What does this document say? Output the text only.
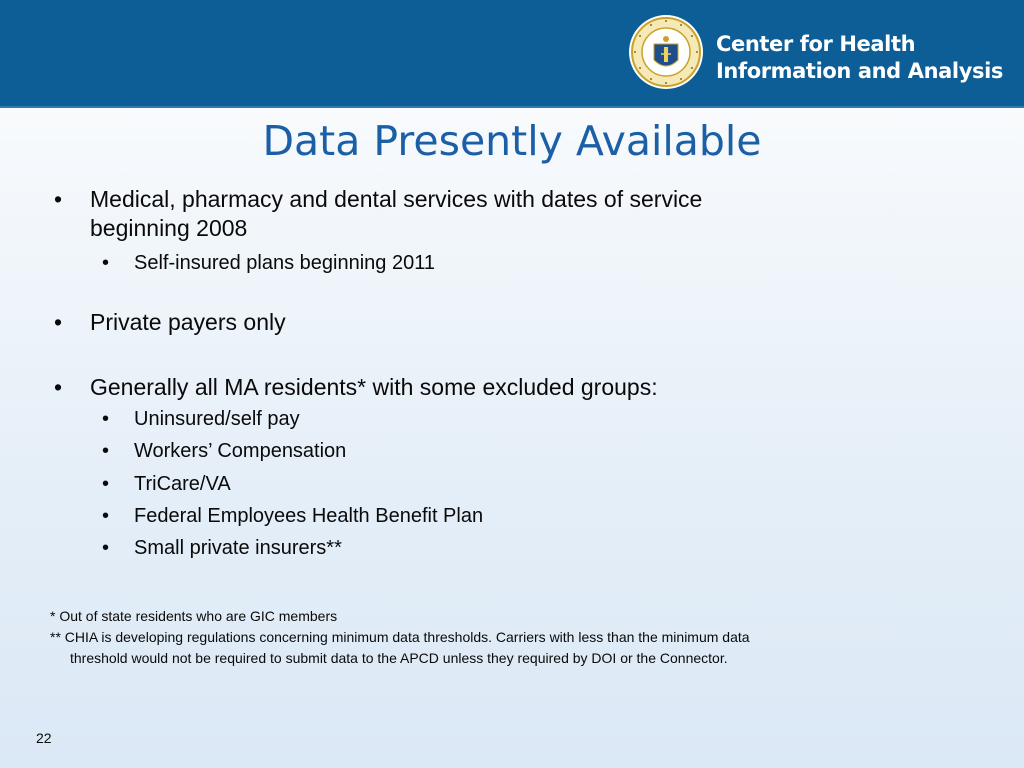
Center for Health
Information and Analysis
Data Presently Available
• Medical, pharmacy and dental services with dates of service
beginning 2008
• Self-insured plans beginning 2011
• Private payers only
• Generally all MA residents* with some excluded groups:
• Uninsured/self pay
• Workers’ Compensation
• TriCare/VA
• Federal Employees Health Benefit Plan
• Small private insurers**
* Out of state residents who are GIC members
** CHIA is developing regulations concerning minimum data thresholds. Carriers with less than the minimum data
threshold would not be required to submit data to the APCD unless they required by DOI or the Connector.
22
